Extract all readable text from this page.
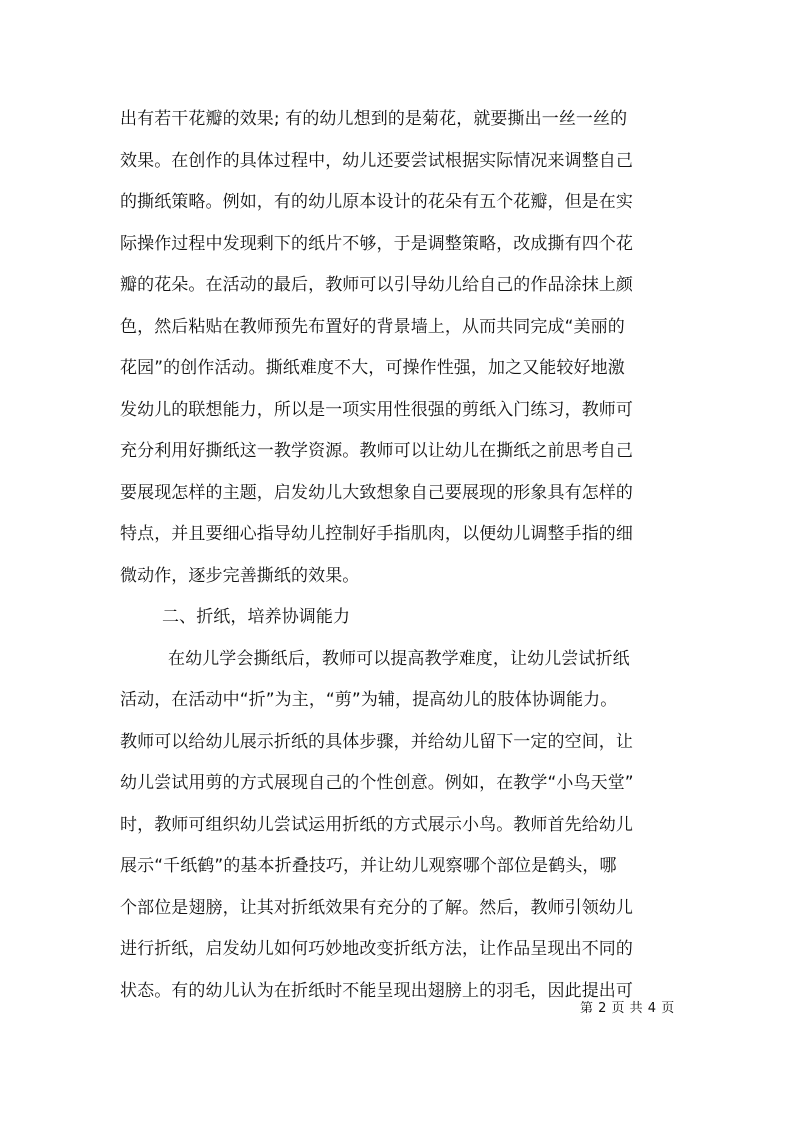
出有若干花瓣的效果; 有的幼儿想到的是菊花，就要撕出一丝一丝的
效果。在创作的具体过程中，幼儿还要尝试根据实际情况来调整自己
的撕纸策略。例如，有的幼儿原本设计的花朵有五个花瓣，但是在实
际操作过程中发现剩下的纸片不够，于是调整策略，改成撕有四个花
瓣的花朵。在活动的最后，教师可以引导幼儿给自己的作品涂抹上颜
色，然后粘贴在教师预先布置好的背景墙上，从而共同完成“美丽的
花园”的创作活动。撕纸难度不大，可操作性强，加之又能较好地激
发幼儿的联想能力，所以是一项实用性很强的剪纸入门练习，教师可
充分利用好撕纸这一教学资源。教师可以让幼儿在撕纸之前思考自己
要展现怎样的主题，启发幼儿大致想象自己要展现的形象具有怎样的
特点，并且要细心指导幼儿控制好手指肌肉，以便幼儿调整手指的细
微动作，逐步完善撕纸的效果。
二、折纸，培养协调能力
在幼儿学会撕纸后，教师可以提高教学难度，让幼儿尝试折纸
活动，在活动中“折”为主，“剪”为辅，提高幼儿的肢体协调能力。
教师可以给幼儿展示折纸的具体步骤，并给幼儿留下一定的空间，让
幼儿尝试用剪的方式展现自己的个性创意。例如，在教学“小鸟天堂”
时，教师可组织幼儿尝试运用折纸的方式展示小鸟。教师首先给幼儿
展示“千纸鹤”的基本折叠技巧，并让幼儿观察哪个部位是鹤头，哪
个部位是翅膀，让其对折纸效果有充分的了解。然后，教师引领幼儿
进行折纸，启发幼儿如何巧妙地改变折纸方法，让作品呈现出不同的
状态。有的幼儿认为在折纸时不能呈现出翅膀上的羽毛，因此提出可
第 2 页 共 4 页
